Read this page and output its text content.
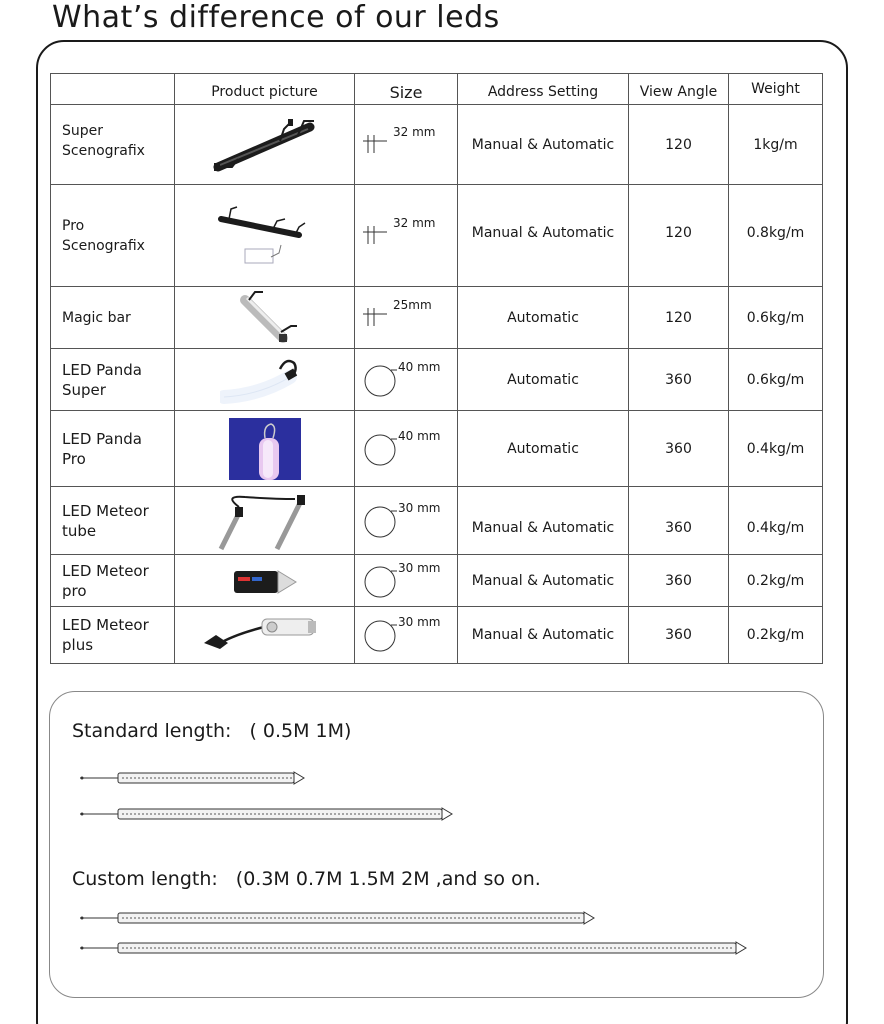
What’s difference of our leds
	Product picture	Size	Address Setting	View Angle	Weight
Super
Scenografix		32 mm	Manual & Automatic	120	1kg/m
Pro
Scenografix		32 mm	Manual & Automatic	120	0.8kg/m
Magic bar		25mm	Automatic	120	0.6kg/m
LED Panda
Super		40 mm	Automatic	360	0.6kg/m
LED Panda
Pro		40 mm	Automatic	360	0.4kg/m
LED Meteor
tube		30 mm	Manual & Automatic	360	0.4kg/m
LED Meteor
pro		30 mm	Manual & Automatic	360	0.2kg/m
LED Meteor
plus		30 mm	Manual & Automatic	360	0.2kg/m
Standard length: ( 0.5M 1M)
Custom length: (0.3M 0.7M 1.5M 2M ,and so on.
